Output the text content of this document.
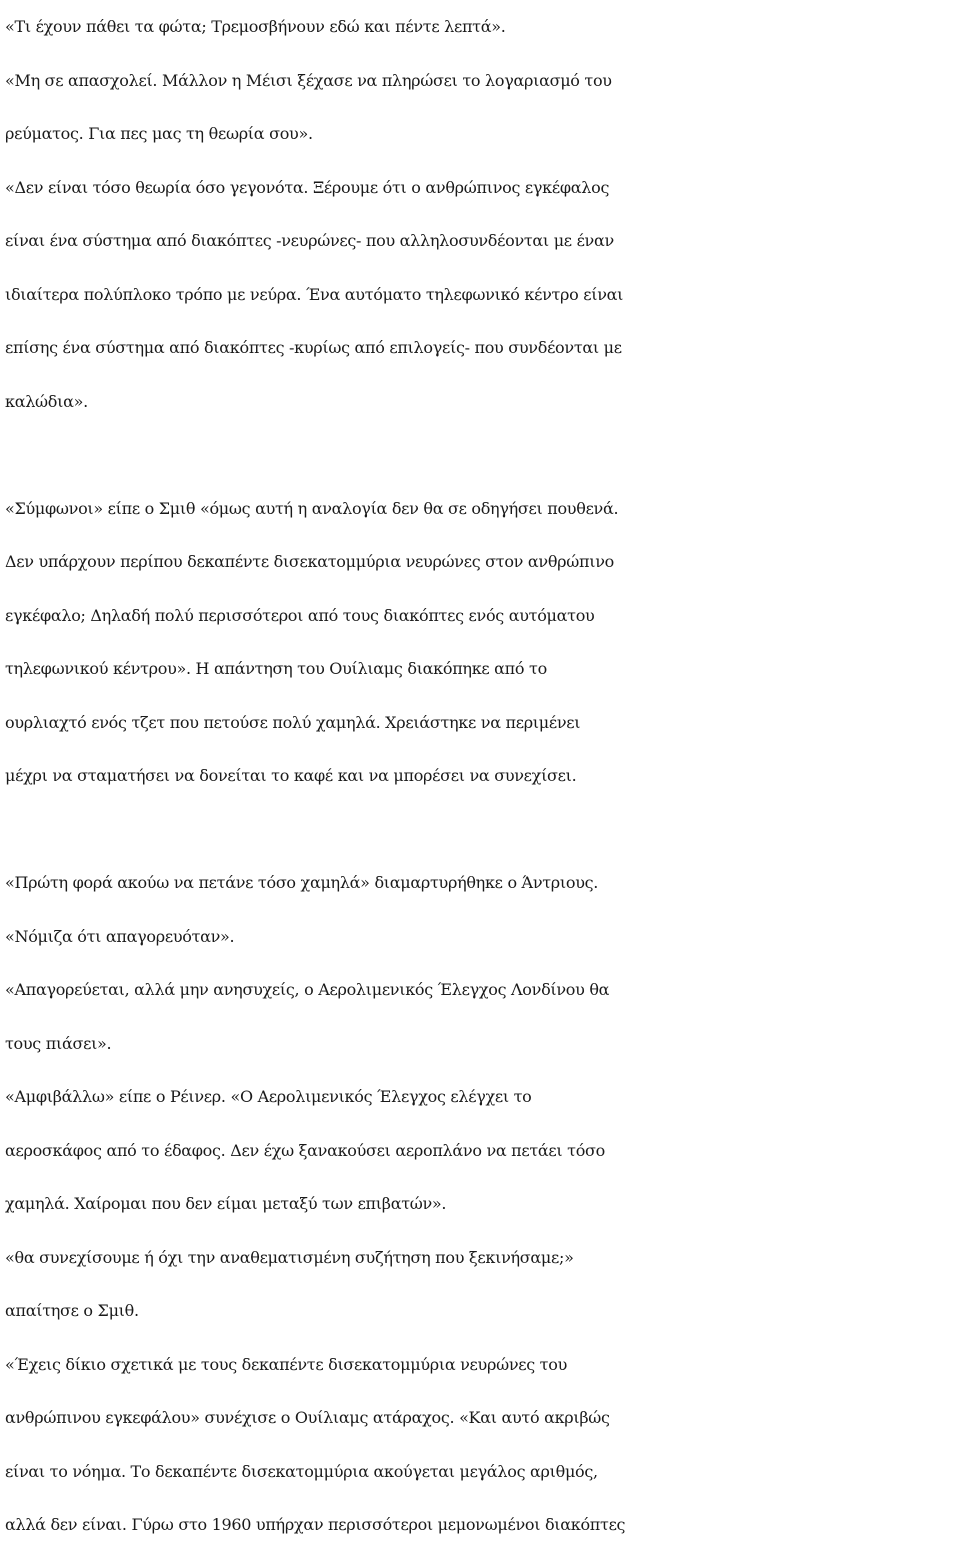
«Τι έχουν πάθει τα φώτα; Τρεμοσβήνουν εδώ και πέντε λεπτά».
«Μη σε απασχολεί. Μάλλον η Μέισι ξέχασε να πληρώσει το λογαριασμό του
ρεύματος. Για πες μας τη θεωρία σου».
«Δεν είναι τόσο θεωρία όσο γεγονότα. Ξέρουμε ότι ο ανθρώπινος εγκέφαλος
είναι ένα σύστημα από διακόπτες -νευρώνες- που αλληλοσυνδέονται με έναν
ιδιαίτερα πολύπλοκο τρόπο με νεύρα. Ένα αυτόματο τηλεφωνικό κέντρο είναι
επίσης ένα σύστημα από διακόπτες -κυρίως από επιλογείς- που συνδέονται με
καλώδια».
«Σύμφωνοι» είπε ο Σμιθ «όμως αυτή η αναλογία δεν θα σε οδηγήσει πουθενά.
Δεν υπάρχουν περίπου δεκαπέντε δισεκατομμύρια νευρώνες στον ανθρώπινο
εγκέφαλο; Δηλαδή πολύ περισσότεροι από τους διακόπτες ενός αυτόματου
τηλεφωνικού κέντρου». Η απάντηση του Ουίλιαμς διακόπηκε από το
ουρλιαχτό ενός τζετ που πετούσε πολύ χαμηλά. Χρειάστηκε να περιμένει
μέχρι να σταματήσει να δονείται το καφέ και να μπορέσει να συνεχίσει.
«Πρώτη φορά ακούω να πετάνε τόσο χαμηλά» διαμαρτυρήθηκε ο Άντριους.
«Νόμιζα ότι απαγορευόταν».
«Απαγορεύεται, αλλά μην ανησυχείς, ο Αερολιμενικός Έλεγχος Λονδίνου θα
τους πιάσει».
«Αμφιβάλλω» είπε ο Ρέινερ. «Ο Αερολιμενικός Έλεγχος ελέγχει το
αεροσκάφος από το έδαφος. Δεν έχω ξανακούσει αεροπλάνο να πετάει τόσο
χαμηλά. Χαίρομαι που δεν είμαι μεταξύ των επιβατών».
«θα συνεχίσουμε ή όχι την αναθεματισμένη συζήτηση που ξεκινήσαμε;»
απαίτησε ο Σμιθ.
«Έχεις δίκιο σχετικά με τους δεκαπέντε δισεκατομμύρια νευρώνες του
ανθρώπινου εγκεφάλου» συνέχισε ο Ουίλιαμς ατάραχος. «Και αυτό ακριβώς
είναι το νόημα. Το δεκαπέντε δισεκατομμύρια ακούγεται μεγάλος αριθμός,
αλλά δεν είναι. Γύρω στο 1960 υπήρχαν περισσότεροι μεμονωμένοι διακόπτες
